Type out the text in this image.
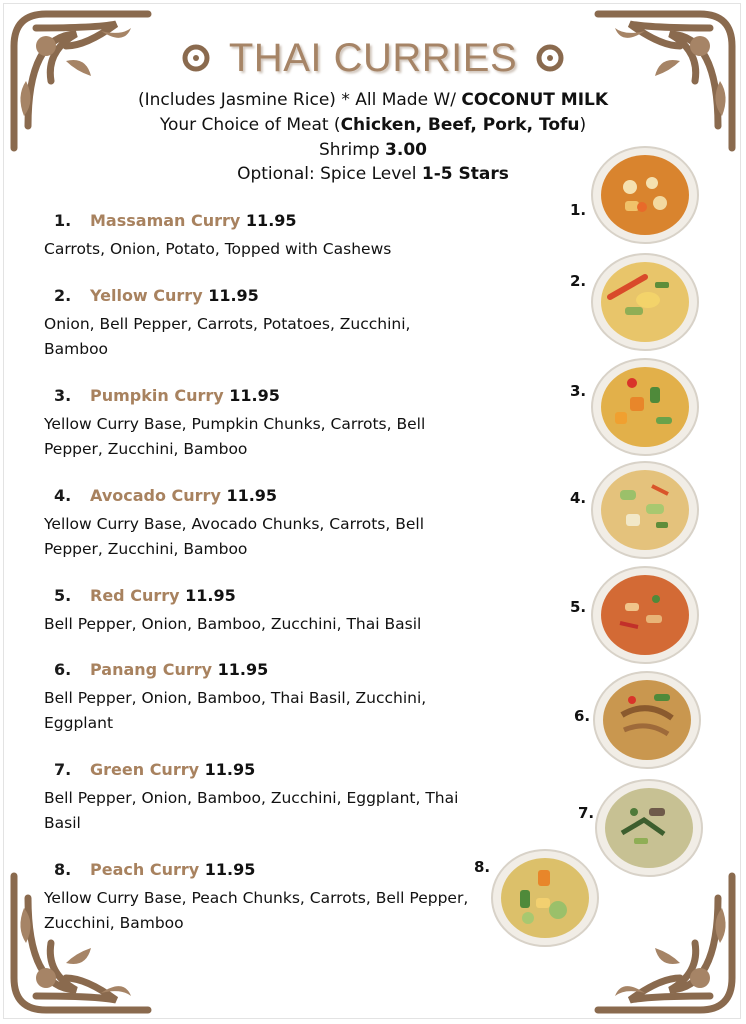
THAI CURRIES
(Includes Jasmine Rice) * All Made W/ COCONUT MILK
Your Choice of Meat (Chicken, Beef, Pork, Tofu)
Shrimp 3.00
Optional: Spice Level 1-5 Stars
1. Massaman Curry 11.95
Carrots, Onion, Potato, Topped with Cashews
2. Yellow Curry 11.95
Onion, Bell Pepper, Carrots, Potatoes, Zucchini, Bamboo
3. Pumpkin Curry 11.95
Yellow Curry Base, Pumpkin Chunks, Carrots, Bell Pepper, Zucchini, Bamboo
4. Avocado Curry 11.95
Yellow Curry Base, Avocado Chunks, Carrots, Bell Pepper, Zucchini, Bamboo
5. Red Curry 11.95
Bell Pepper, Onion, Bamboo, Zucchini, Thai Basil
6. Panang Curry 11.95
Bell Pepper, Onion, Bamboo, Thai Basil, Zucchini, Eggplant
7. Green Curry 11.95
Bell Pepper, Onion, Bamboo, Zucchini, Eggplant, Thai Basil
8. Peach Curry 11.95
Yellow Curry Base, Peach Chunks, Carrots, Bell Pepper, Zucchini, Bamboo
1.
2.
3.
4.
5.
6.
7.
8.
